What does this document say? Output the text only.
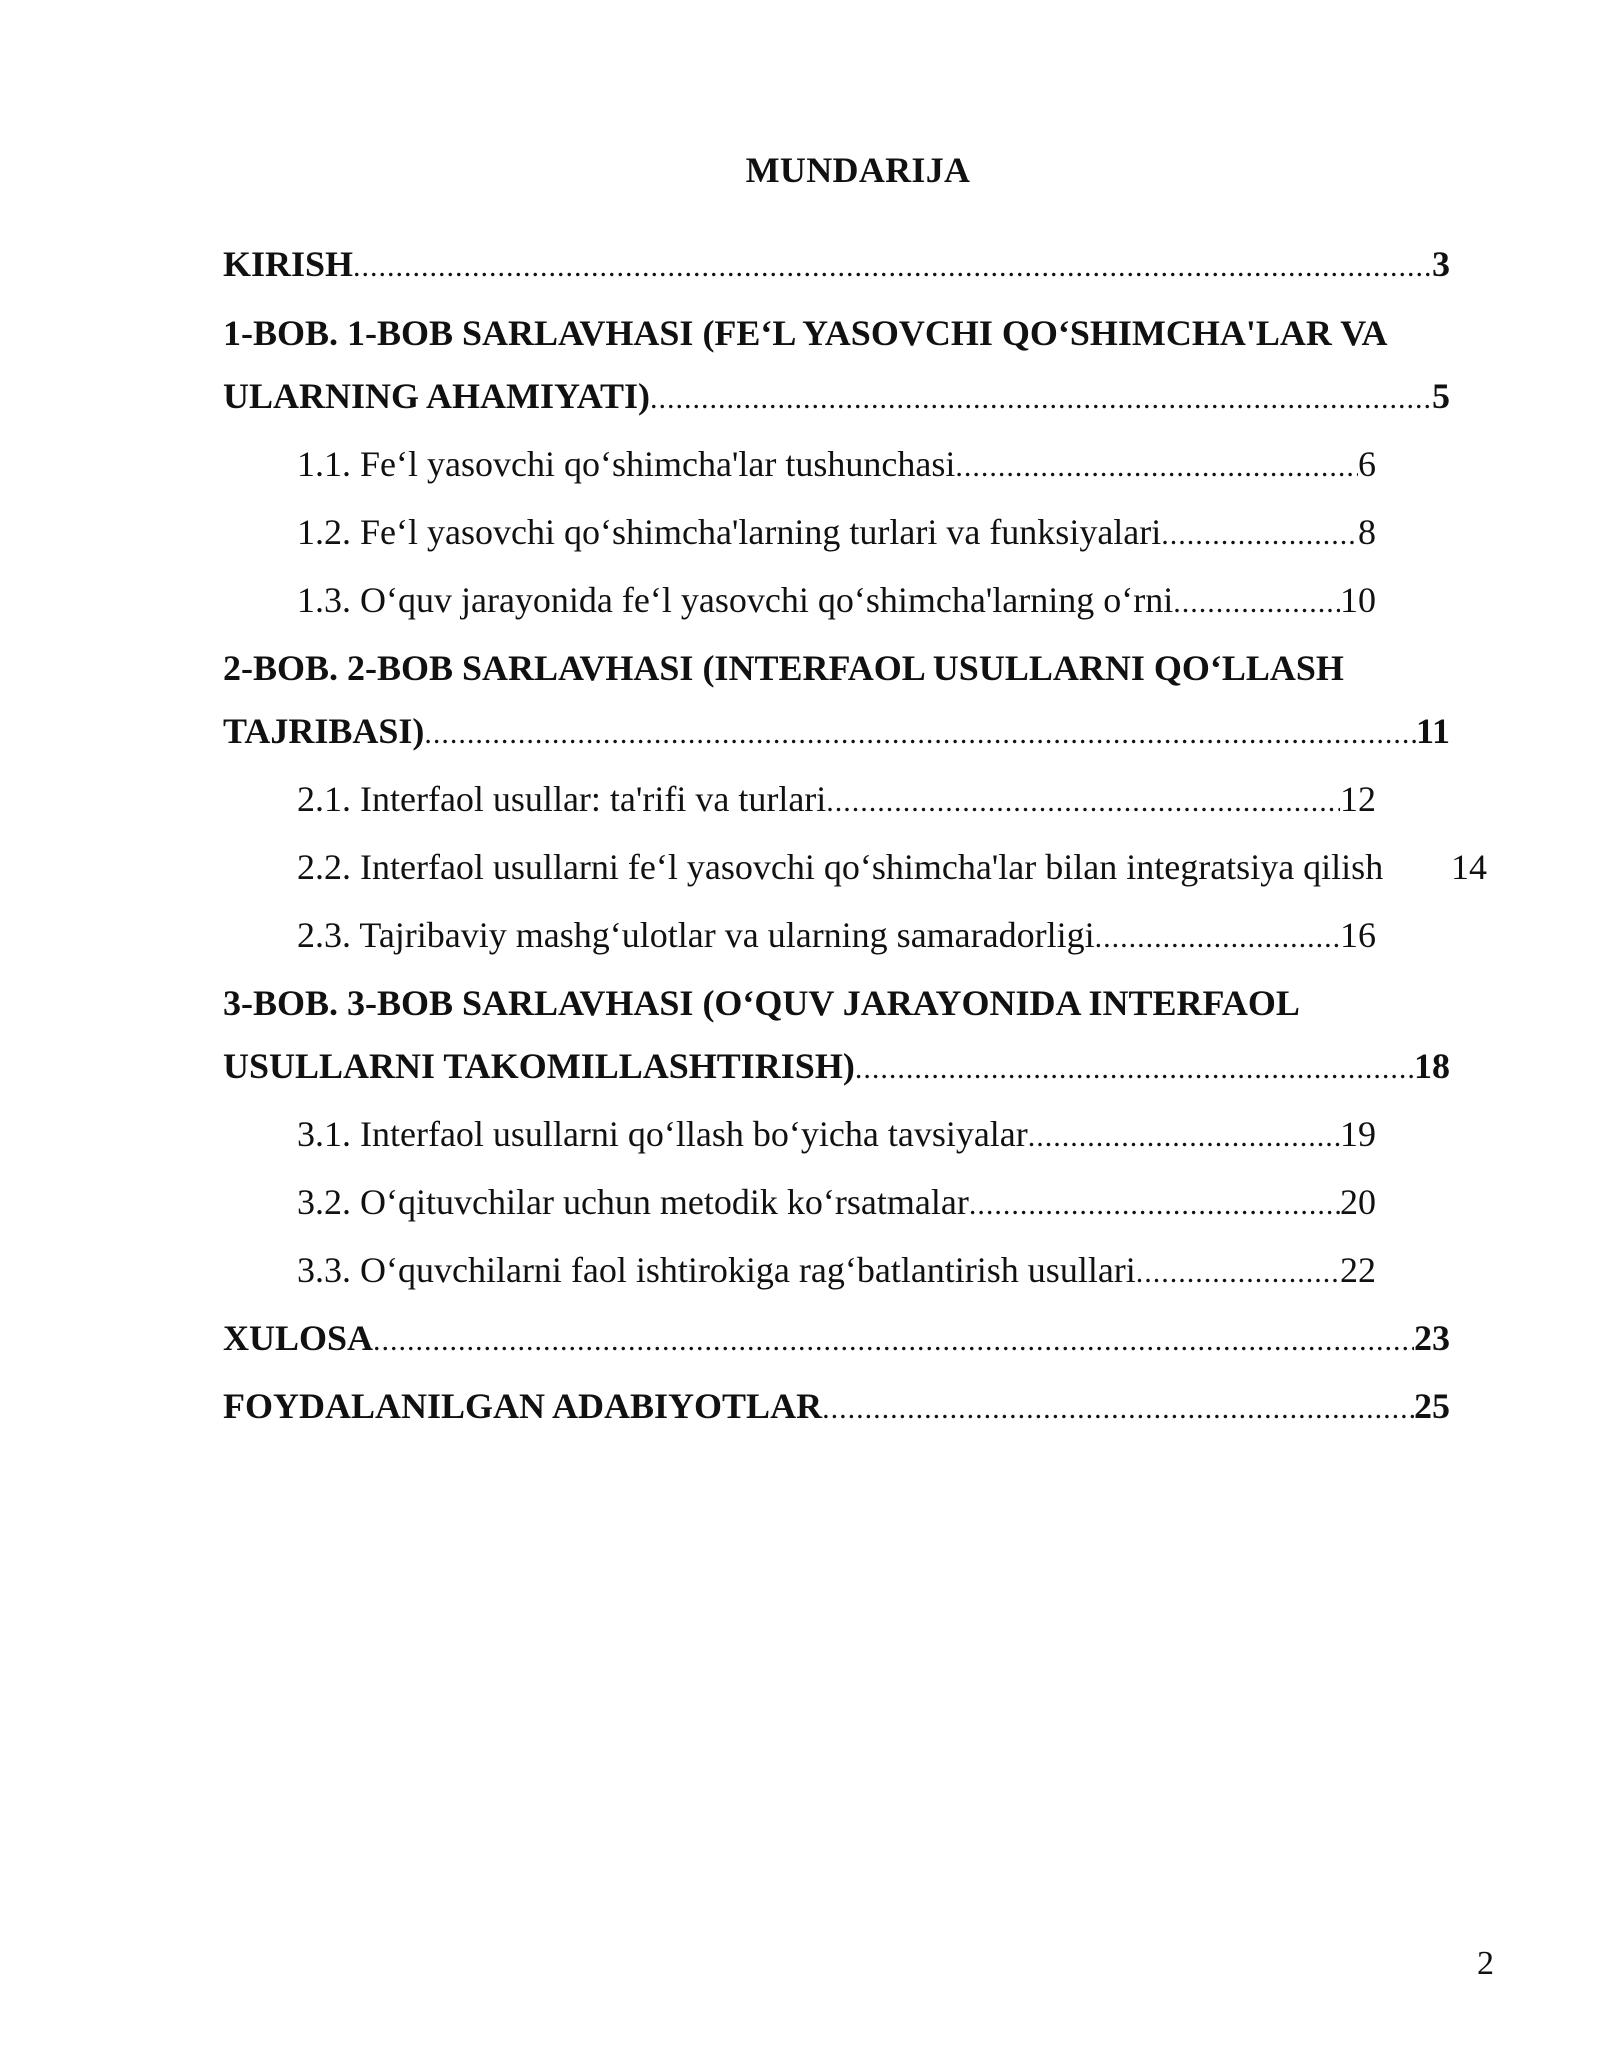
MUNDARIJA
KIRISH .....	3
1-BOB. 1-BOB SARLAVHASI (FE‘L YASOVCHI QO‘SHIMCHA'LAR VA
ULARNING AHAMIYATI) .....	5
1.1. Fe‘l yasovchi qo‘shimcha'lar tushunchasi .....	6
1.2. Fe‘l yasovchi qo‘shimcha'larning turlari va funksiyalari .....	8
1.3. O‘quv jarayonida fe‘l yasovchi qo‘shimcha'larning o‘rni .....	10
2-BOB. 2-BOB SARLAVHASI (INTERFAOL USULLARNI QO‘LLASH
TAJRIBASI) .....	11
2.1. Interfaol usullar: ta'rifi va turlari .....	12
2.2. Interfaol usullarni fe‘l yasovchi qo‘shimcha'lar bilan integratsiya qilish 14
2.3. Tajribaviy mashg‘ulotlar va ularning samaradorligi .....	16
3-BOB. 3-BOB SARLAVHASI (O‘QUV JARAYONIDA INTERFAOL
USULLARNI TAKOMILLASHTIRISH) .....	18
3.1. Interfaol usullarni qo‘llash bo‘yicha tavsiyalar .....	19
3.2. O‘qituvchilar uchun metodik ko‘rsatmalar .....	20
3.3. O‘quvchilarni faol ishtirokiga rag‘batlantirish usullari .....	22
XULOSA .....	23
FOYDALANILGAN ADABIYOTLAR .....	25
2
